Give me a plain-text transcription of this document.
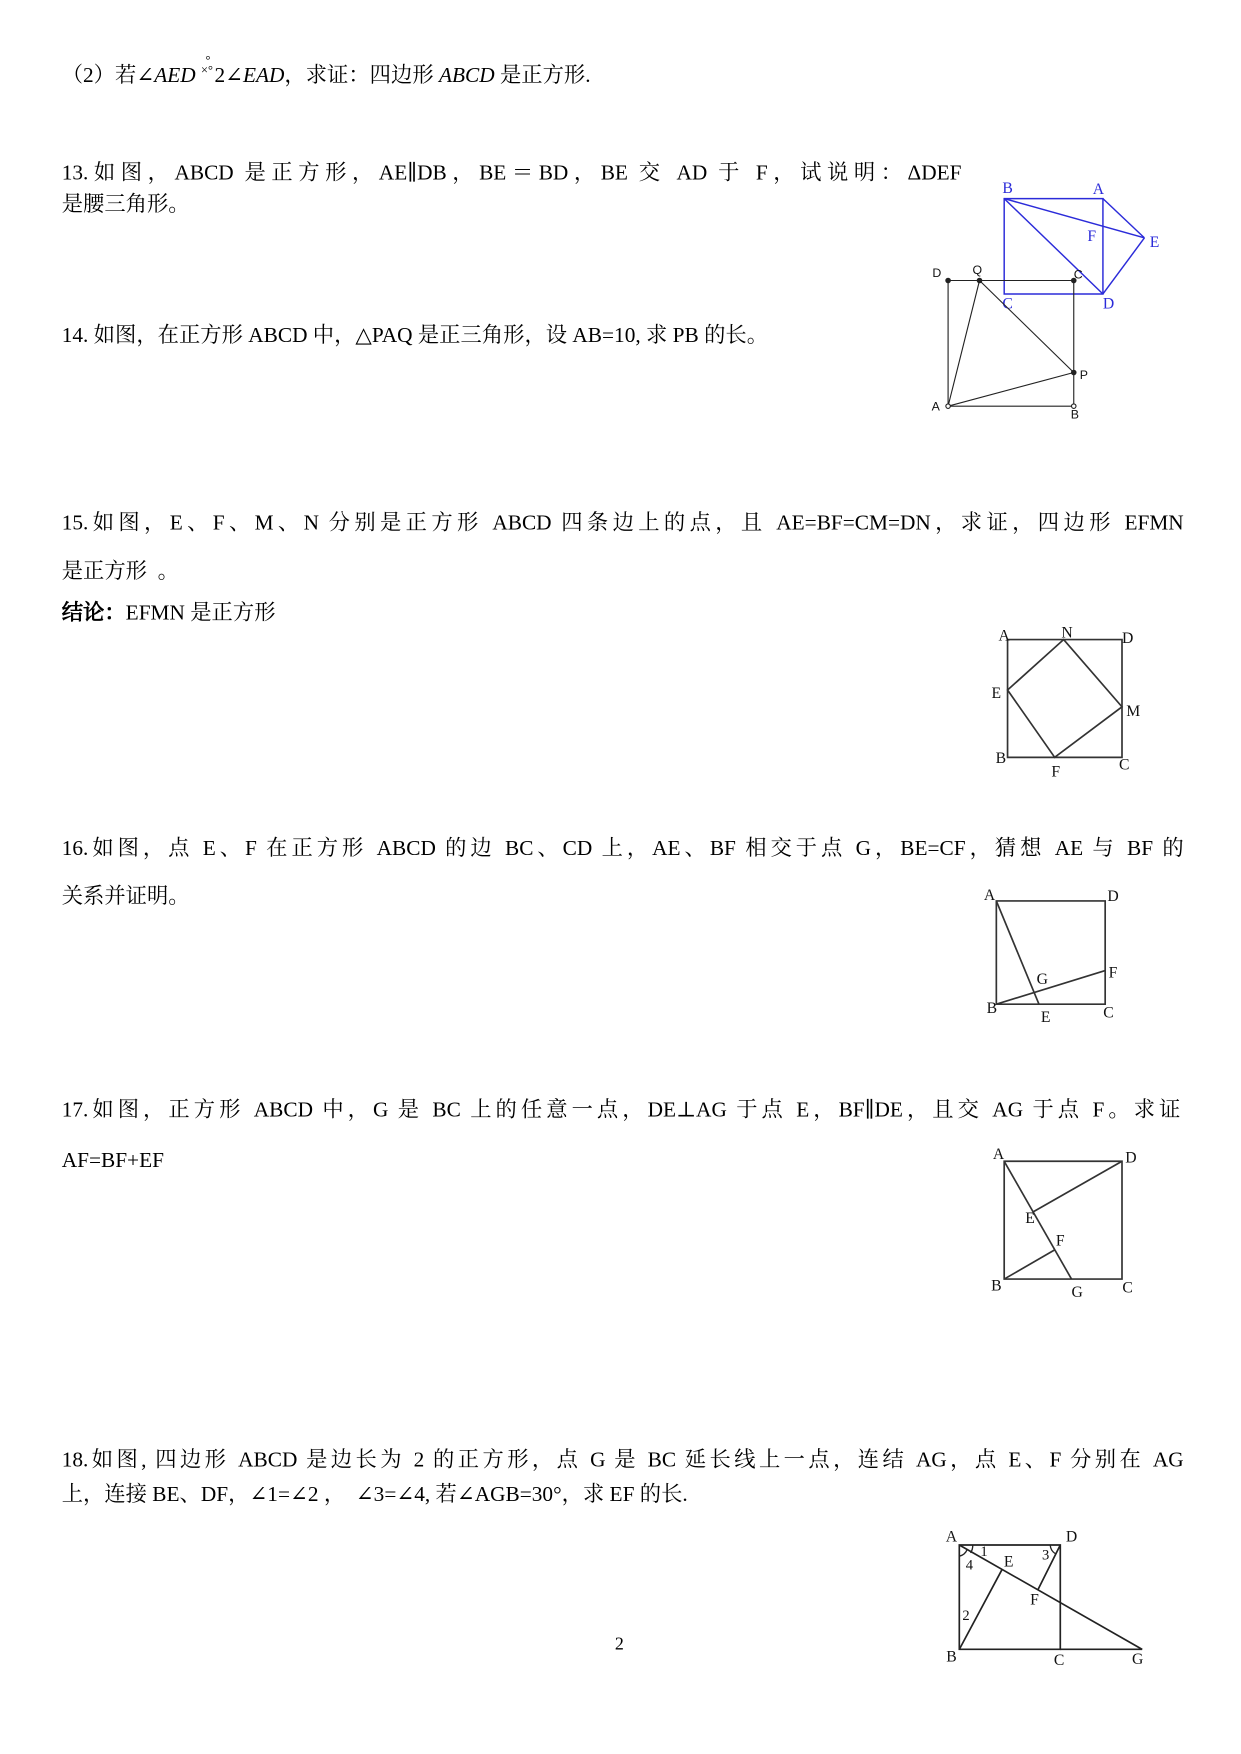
B	A
F	E
C	D
D	Q	C
P
A
B
A	N	D
E
M
B
F	C
A	D
G	F
B
E	C
A	D
E
F
B	G	C
A	D
1
4 E 3
F
2
B	C	G
（2）若∠AED
°
×°2∠EAD，求证：四边形 ABCD 是正方形.
13.如图，ABCD 是正方形，AE∥DB，BE＝BD，BE 交 AD 于 F，试说明：ΔDEF
是腰三角形。
14. 如图，在正方形 ABCD 中，△PAQ 是正三角形，设 AB=10, 求 PB 的长。
15.如图，E、F、M、N 分别是正方形 ABCD 四条边上的点，且 AE=BF=CM=DN，求证，四边形 EFMN
是正方形  。
结论：EFMN 是正方形
16.如图，点 E、F 在正方形 ABCD 的边 BC、CD 上，AE、BF 相交于点 G，BE=CF，猜想 AE 与 BF 的
关系并证明。
17.如图，正方形 ABCD 中，G 是 BC 上的任意一点，DE⊥AG 于点 E，BF∥DE，且交 AG 于点 F。求证
AF=BF+EF
18.如图, 四边形 ABCD 是边长为 2 的正方形，点 G 是 BC 延长线上一点，连结 AG，点 E、F 分别在 AG
上，连接 BE、DF，∠1=∠2 ，  ∠3=∠4, 若∠AGB=30°，求 EF 的长.
2
